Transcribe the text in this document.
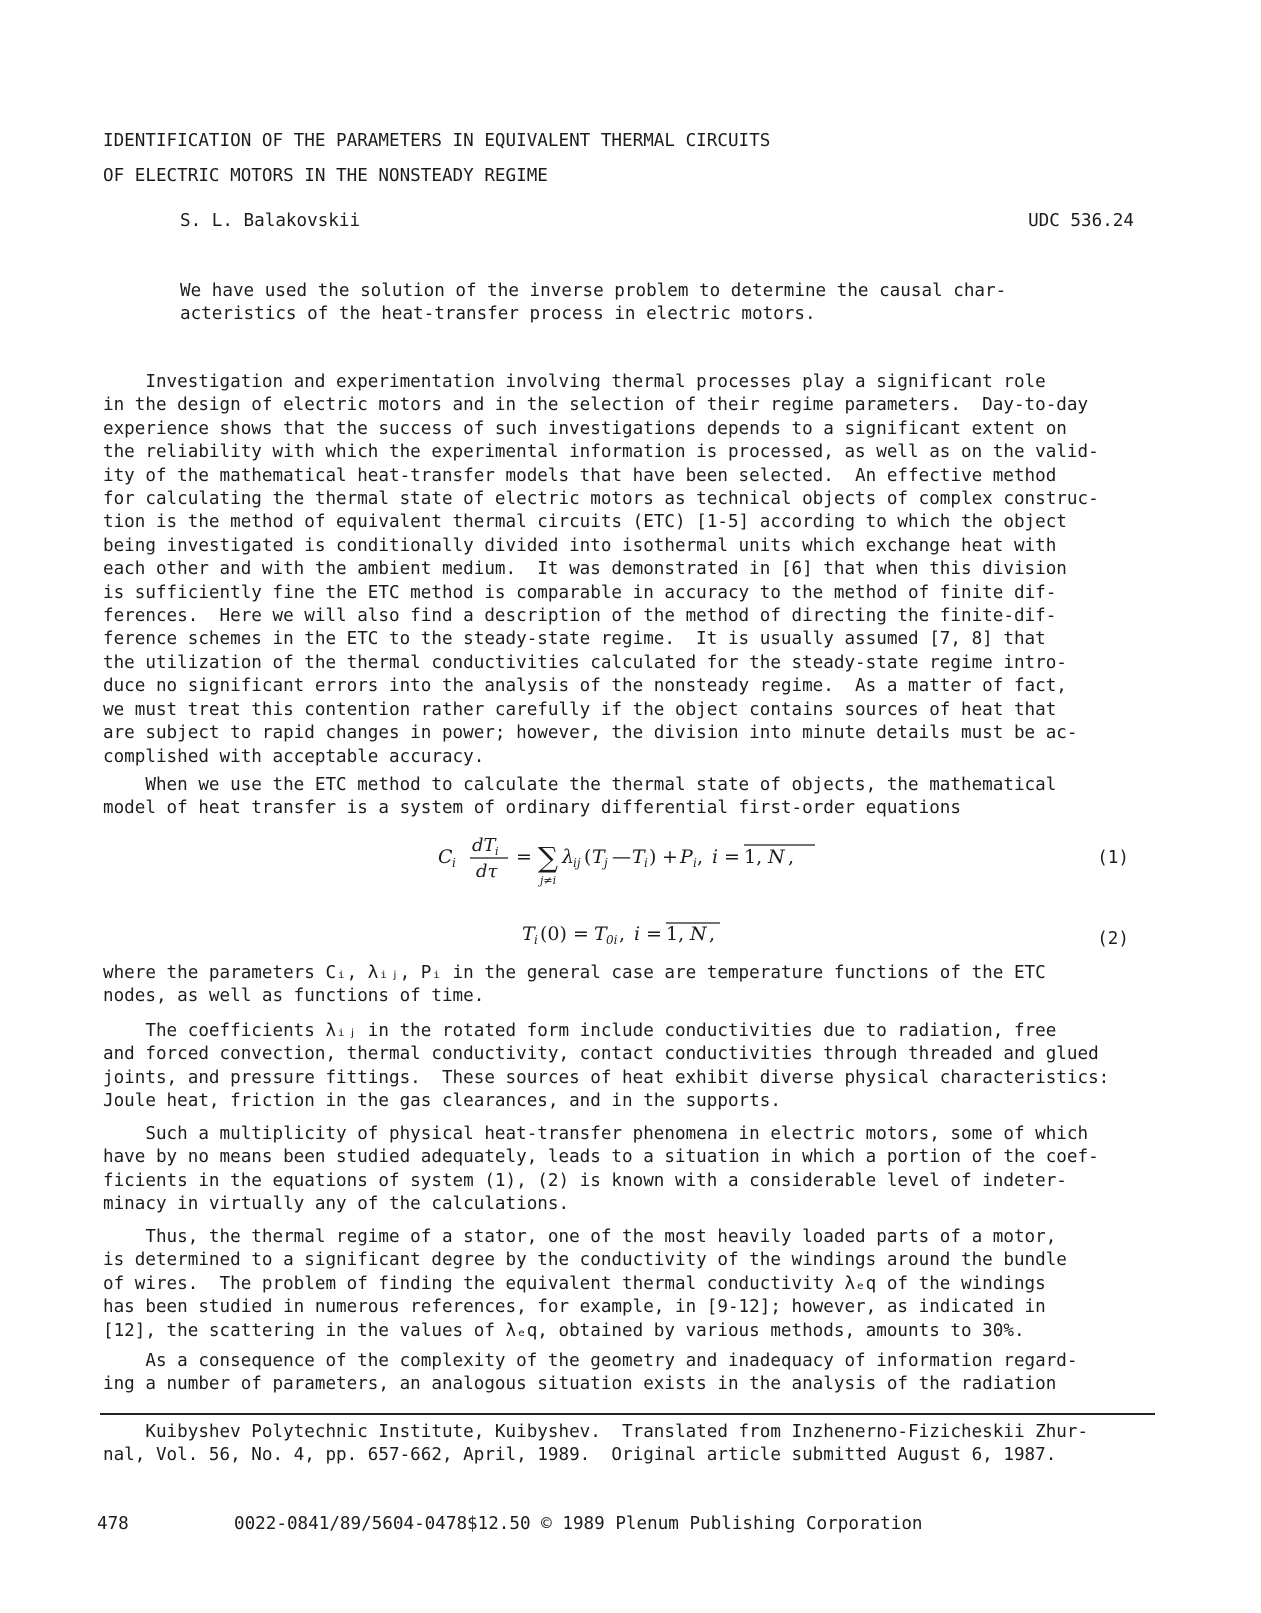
IDENTIFICATION OF THE PARAMETERS IN EQUIVALENT THERMAL CIRCUITS
OF ELECTRIC MOTORS IN THE NONSTEADY REGIME
S. L. Balakovskii	UDC 536.24
We have used the solution of the inverse problem to determine the causal char-
acteristics of the heat-transfer process in electric motors.
Investigation and experimentation involving thermal processes play a significant role
in the design of electric motors and in the selection of their regime parameters.  Day-to-day
experience shows that the success of such investigations depends to a significant extent on
the reliability with which the experimental information is processed, as well as on the valid-
ity of the mathematical heat-transfer models that have been selected.  An effective method
for calculating the thermal state of electric motors as technical objects of complex construc-
tion is the method of equivalent thermal circuits (ETC) [1-5] according to which the object
being investigated is conditionally divided into isothermal units which exchange heat with
each other and with the ambient medium.  It was demonstrated in [6] that when this division
is sufficiently fine the ETC method is comparable in accuracy to the method of finite dif-
ferences.  Here we will also find a description of the method of directing the finite-dif-
ference schemes in the ETC to the steady-state regime.  It is usually assumed [7, 8] that
the utilization of the thermal conductivities calculated for the steady-state regime intro-
duce no significant errors into the analysis of the nonsteady regime.  As a matter of fact,
we must treat this contention rather carefully if the object contains sources of heat that
are subject to rapid changes in power; however, the division into minute details must be ac-
complished with acceptable accuracy.
When we use the ETC method to calculate the thermal state of objects, the mathematical
model of heat transfer is a system of ordinary differential first-order equations
C i
dT i
dτ
= ∑
j≠i
λ
ij ( T j — T i ) + P i , i = 1, N ,	(1)
T i (0) = T 0i , i = 1, N ,	(2)
where the parameters Cᵢ, λᵢⱼ, Pᵢ in the general case are temperature functions of the ETC
nodes, as well as functions of time.
The coefficients λᵢⱼ in the rotated form include conductivities due to radiation, free
and forced convection, thermal conductivity, contact conductivities through threaded and glued
joints, and pressure fittings.  These sources of heat exhibit diverse physical characteristics:
Joule heat, friction in the gas clearances, and in the supports.
Such a multiplicity of physical heat-transfer phenomena in electric motors, some of which
have by no means been studied adequately, leads to a situation in which a portion of the coef-
ficients in the equations of system (1), (2) is known with a considerable level of indeter-
minacy in virtually any of the calculations.
Thus, the thermal regime of a stator, one of the most heavily loaded parts of a motor,
is determined to a significant degree by the conductivity of the windings around the bundle
of wires.  The problem of finding the equivalent thermal conductivity λₑq of the windings
has been studied in numerous references, for example, in [9-12]; however, as indicated in
[12], the scattering in the values of λₑq, obtained by various methods, amounts to 30%.
As a consequence of the complexity of the geometry and inadequacy of information regard-
ing a number of parameters, an analogous situation exists in the analysis of the radiation
Kuibyshev Polytechnic Institute, Kuibyshev.  Translated from Inzhenerno-Fizicheskii Zhur-
nal, Vol. 56, No. 4, pp. 657-662, April, 1989.  Original article submitted August 6, 1987.
478	0022-0841/89/5604-0478$12.50 © 1989 Plenum Publishing Corporation
